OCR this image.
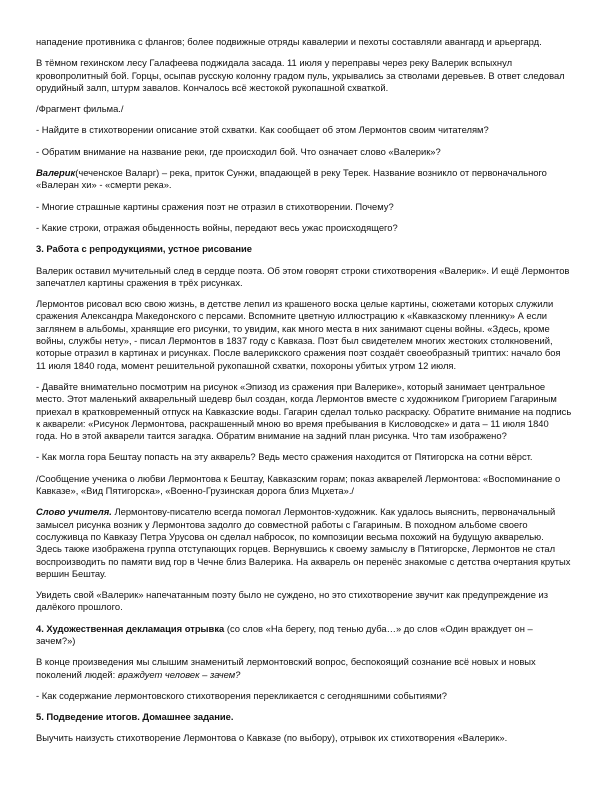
нападение противника с флангов; более подвижные отряды кавалерии и пехоты составляли авангард и арьергард.

В тёмном гехинском лесу Галафеева поджидала засада. 11 июля у переправы через реку Валерик вспыхнул кровопролитный бой. Горцы, осыпав русскую колонну градом пуль, укрывались за стволами деревьев. В ответ следовал орудийный залп, штурм завалов. Кончалось всё жестокой рукопашной схваткой.

/Фрагмент фильма./

- Найдите в стихотворении описание этой схватки. Как сообщает об этом Лермонтов своим читателям?

- Обратим внимание на название реки, где происходил бой. Что означает слово «Валерик»?

Валерик(чеченское Валарг) – река, приток Сунжи, впадающей в реку Терек. Название возникло от первоначального «Валеран хи» - «смерти река».

- Многие страшные картины сражения поэт не отразил в стихотворении. Почему?

- Какие строки, отражая обыденность войны, передают весь ужас происходящего?

3. Работа с репродукциями, устное рисование

Валерик оставил мучительный след в сердце поэта. Об этом говорят строки стихотворения «Валерик». И ещё Лермонтов запечатлел картины сражения в трёх рисунках.

Лермонтов рисовал всю свою жизнь, в детстве лепил из крашеного воска целые картины, сюжетами которых служили сражения Александра Македонского с персами. Вспомните цветную иллюстрацию к «Кавказскому пленнику» А если заглянем в альбомы, хранящие его рисунки, то увидим, как много места в них занимают сцены войны. «Здесь, кроме войны, службы нету», - писал Лермонтов в 1837 году с Кавказа. Поэт был свидетелем многих жестоких столкновений, которые отразил в картинах и рисунках. После валерикского сражения поэт создаёт своеобразный триптих: начало боя 11 июля 1840 года, момент решительной рукопашной схватки, похороны убитых утром 12 июля.

- Давайте внимательно посмотрим на рисунок «Эпизод из сражения при Валерике», который занимает центральное место. Этот маленький акварельный шедевр был создан, когда Лермонтов вместе с художником Григорием Гагариным приехал в кратковременный отпуск на Кавказские воды. Гагарин сделал только раскраску. Обратите внимание на подпись к акварели: «Рисунок Лермонтова, раскрашенный мною во время пребывания в Кисловодске» и дата – 11 июля 1840 года. Но в этой акварели таится загадка. Обратим внимание на задний план рисунка. Что там изображено?

- Как могла гора Бештау попасть на эту акварель? Ведь место сражения находится от Пятигорска на сотни вёрст.

/Сообщение ученика о любви Лермонтова к Бештау, Кавказским горам; показ акварелей Лермонтова: «Воспоминание о Кавказе», «Вид Пятигорска», «Военно-Грузинская дорога близ Мцхета»./

Слово учителя. Лермонтову-писателю всегда помогал Лермонтов-художник. Как удалось выяснить, первоначальный замысел рисунка возник у Лермонтова задолго до совместной работы с Гагариным. В походном альбоме своего сослуживца по Кавказу Петра Урусова он сделал набросок, по композиции весьма похожий на будущую акварелью. Здесь также изображена группа отступающих горцев. Вернувшись к своему замыслу в Пятигорске, Лермонтов не стал воспроизводить по памяти вид гор в Чечне близ Валерика. На акварель он перенёс знакомые с детства очертания крутых вершин Бештау.

Увидеть свой «Валерик» напечатанным поэту было не суждено, но это стихотворение звучит как предупреждение из далёкого прошлого.

4. Художественная декламация отрывка (со слов «На берегу, под тенью дуба…» до слов «Один враждует он – зачем?»)

В конце произведения мы слышим знаменитый лермонтовский вопрос, беспокоящий сознание всё новых и новых поколений людей: враждует человек – зачем?

- Как содержание лермонтовского стихотворения перекликается с сегодняшними событиями?

5. Подведение итогов. Домашнее задание.

Выучить наизусть стихотворение Лермонтова о Кавказе (по выбору), отрывок их стихотворения «Валерик».
